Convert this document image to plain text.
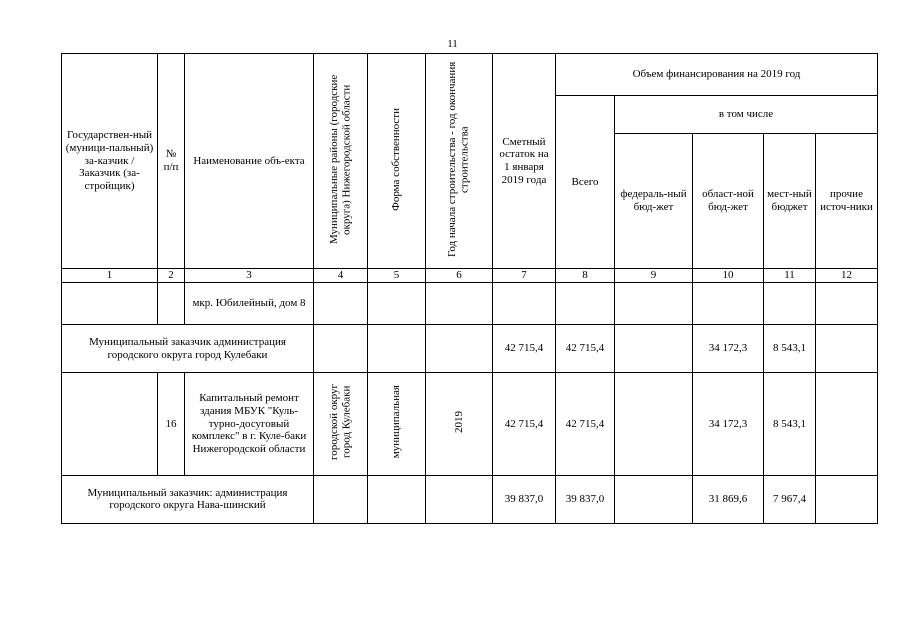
11
Государствен-ный (муници-пальный) за-казчик / Заказчик (за-стройщик)	№ п/п	Наименование объ-екта	Муниципальные районы (городские округа) Нижегородской области	Форма собственности	Год начала строительства - год окончания строительства	Сметный остаток на 1 января 2019 года	Объем финансирования на 2019 год				
							Всего	в том числе			
								федераль-ный бюд-жет	област-ной бюд-жет	мест-ный бюджет	прочие источ-ники
1	2	3	4	5	6	7	8	9	10	11	12
		мкр. Юбилейный, дом 8									
Муниципальный заказчик администрация городского округа город Кулебаки						42 715,4	42 715,4		34 172,3	8 543,1	
	16	Капитальный ремонт здания МБУК "Куль-турно-досуговый комплекс" в г. Куле-баки Нижегородской области	городской округ город Кулебаки	муниципальная	2019	42 715,4	42 715,4		34 172,3	8 543,1	
Муниципальный заказчик: администрация городского округа Нава-шинский						39 837,0	39 837,0		31 869,6	7 967,4	
